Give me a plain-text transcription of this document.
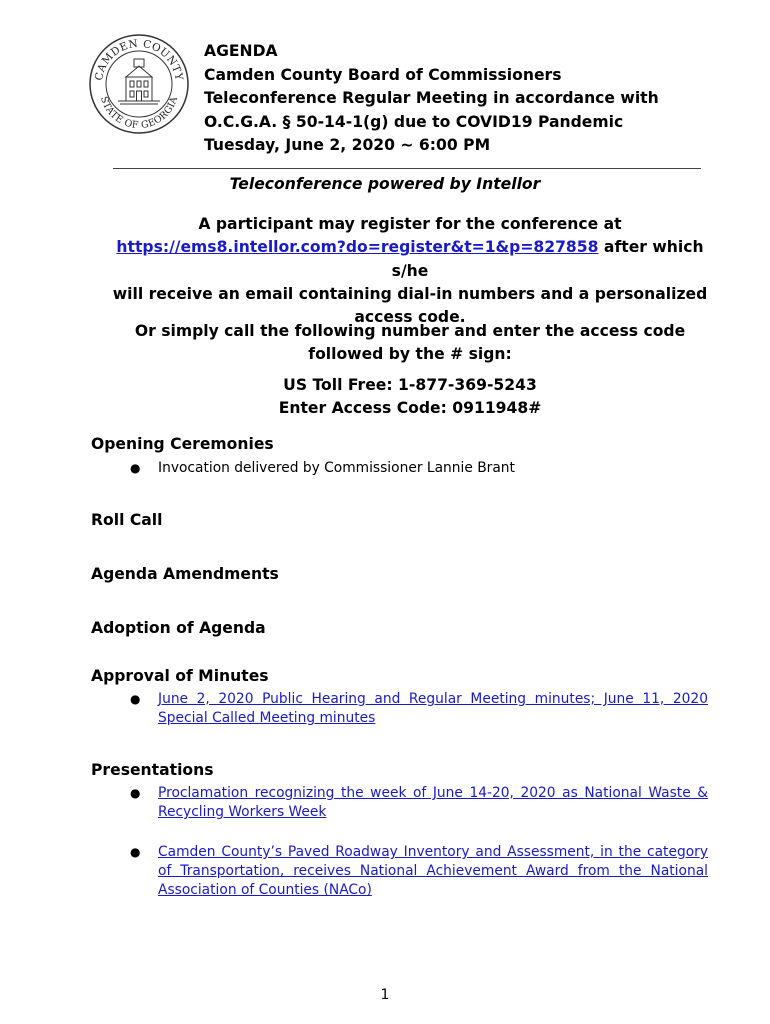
CAMDEN COUNTY
STATE OF GEORGIA
AGENDA
Camden County Board of Commissioners
Teleconference Regular Meeting in accordance with
O.C.G.A. § 50-14-1(g) due to COVID19 Pandemic
Tuesday, June 2, 2020 ~ 6:00 PM
Teleconference powered by Intellor
A participant may register for the conference at
https://ems8.intellor.com?do=register&t=1&p=827858 after which s/he
will receive an email containing dial-in numbers and a personalized
access code.
Or simply call the following number and enter the access code
followed by the # sign:
US Toll Free: 1-877-369-5243
Enter Access Code: 0911948#
Opening Ceremonies
● Invocation delivered by Commissioner Lannie Brant
Roll Call
Agenda Amendments
Adoption of Agenda
Approval of Minutes
● June 2, 2020 Public Hearing and Regular Meeting minutes; June 11, 2020 Special Called Meeting minutes
Presentations
● Proclamation recognizing the week of June 14-20, 2020 as National Waste & Recycling Workers Week
● Camden County’s Paved Roadway Inventory and Assessment, in the category of Transportation, receives National Achievement Award from the National Association of Counties (NACo)
1
